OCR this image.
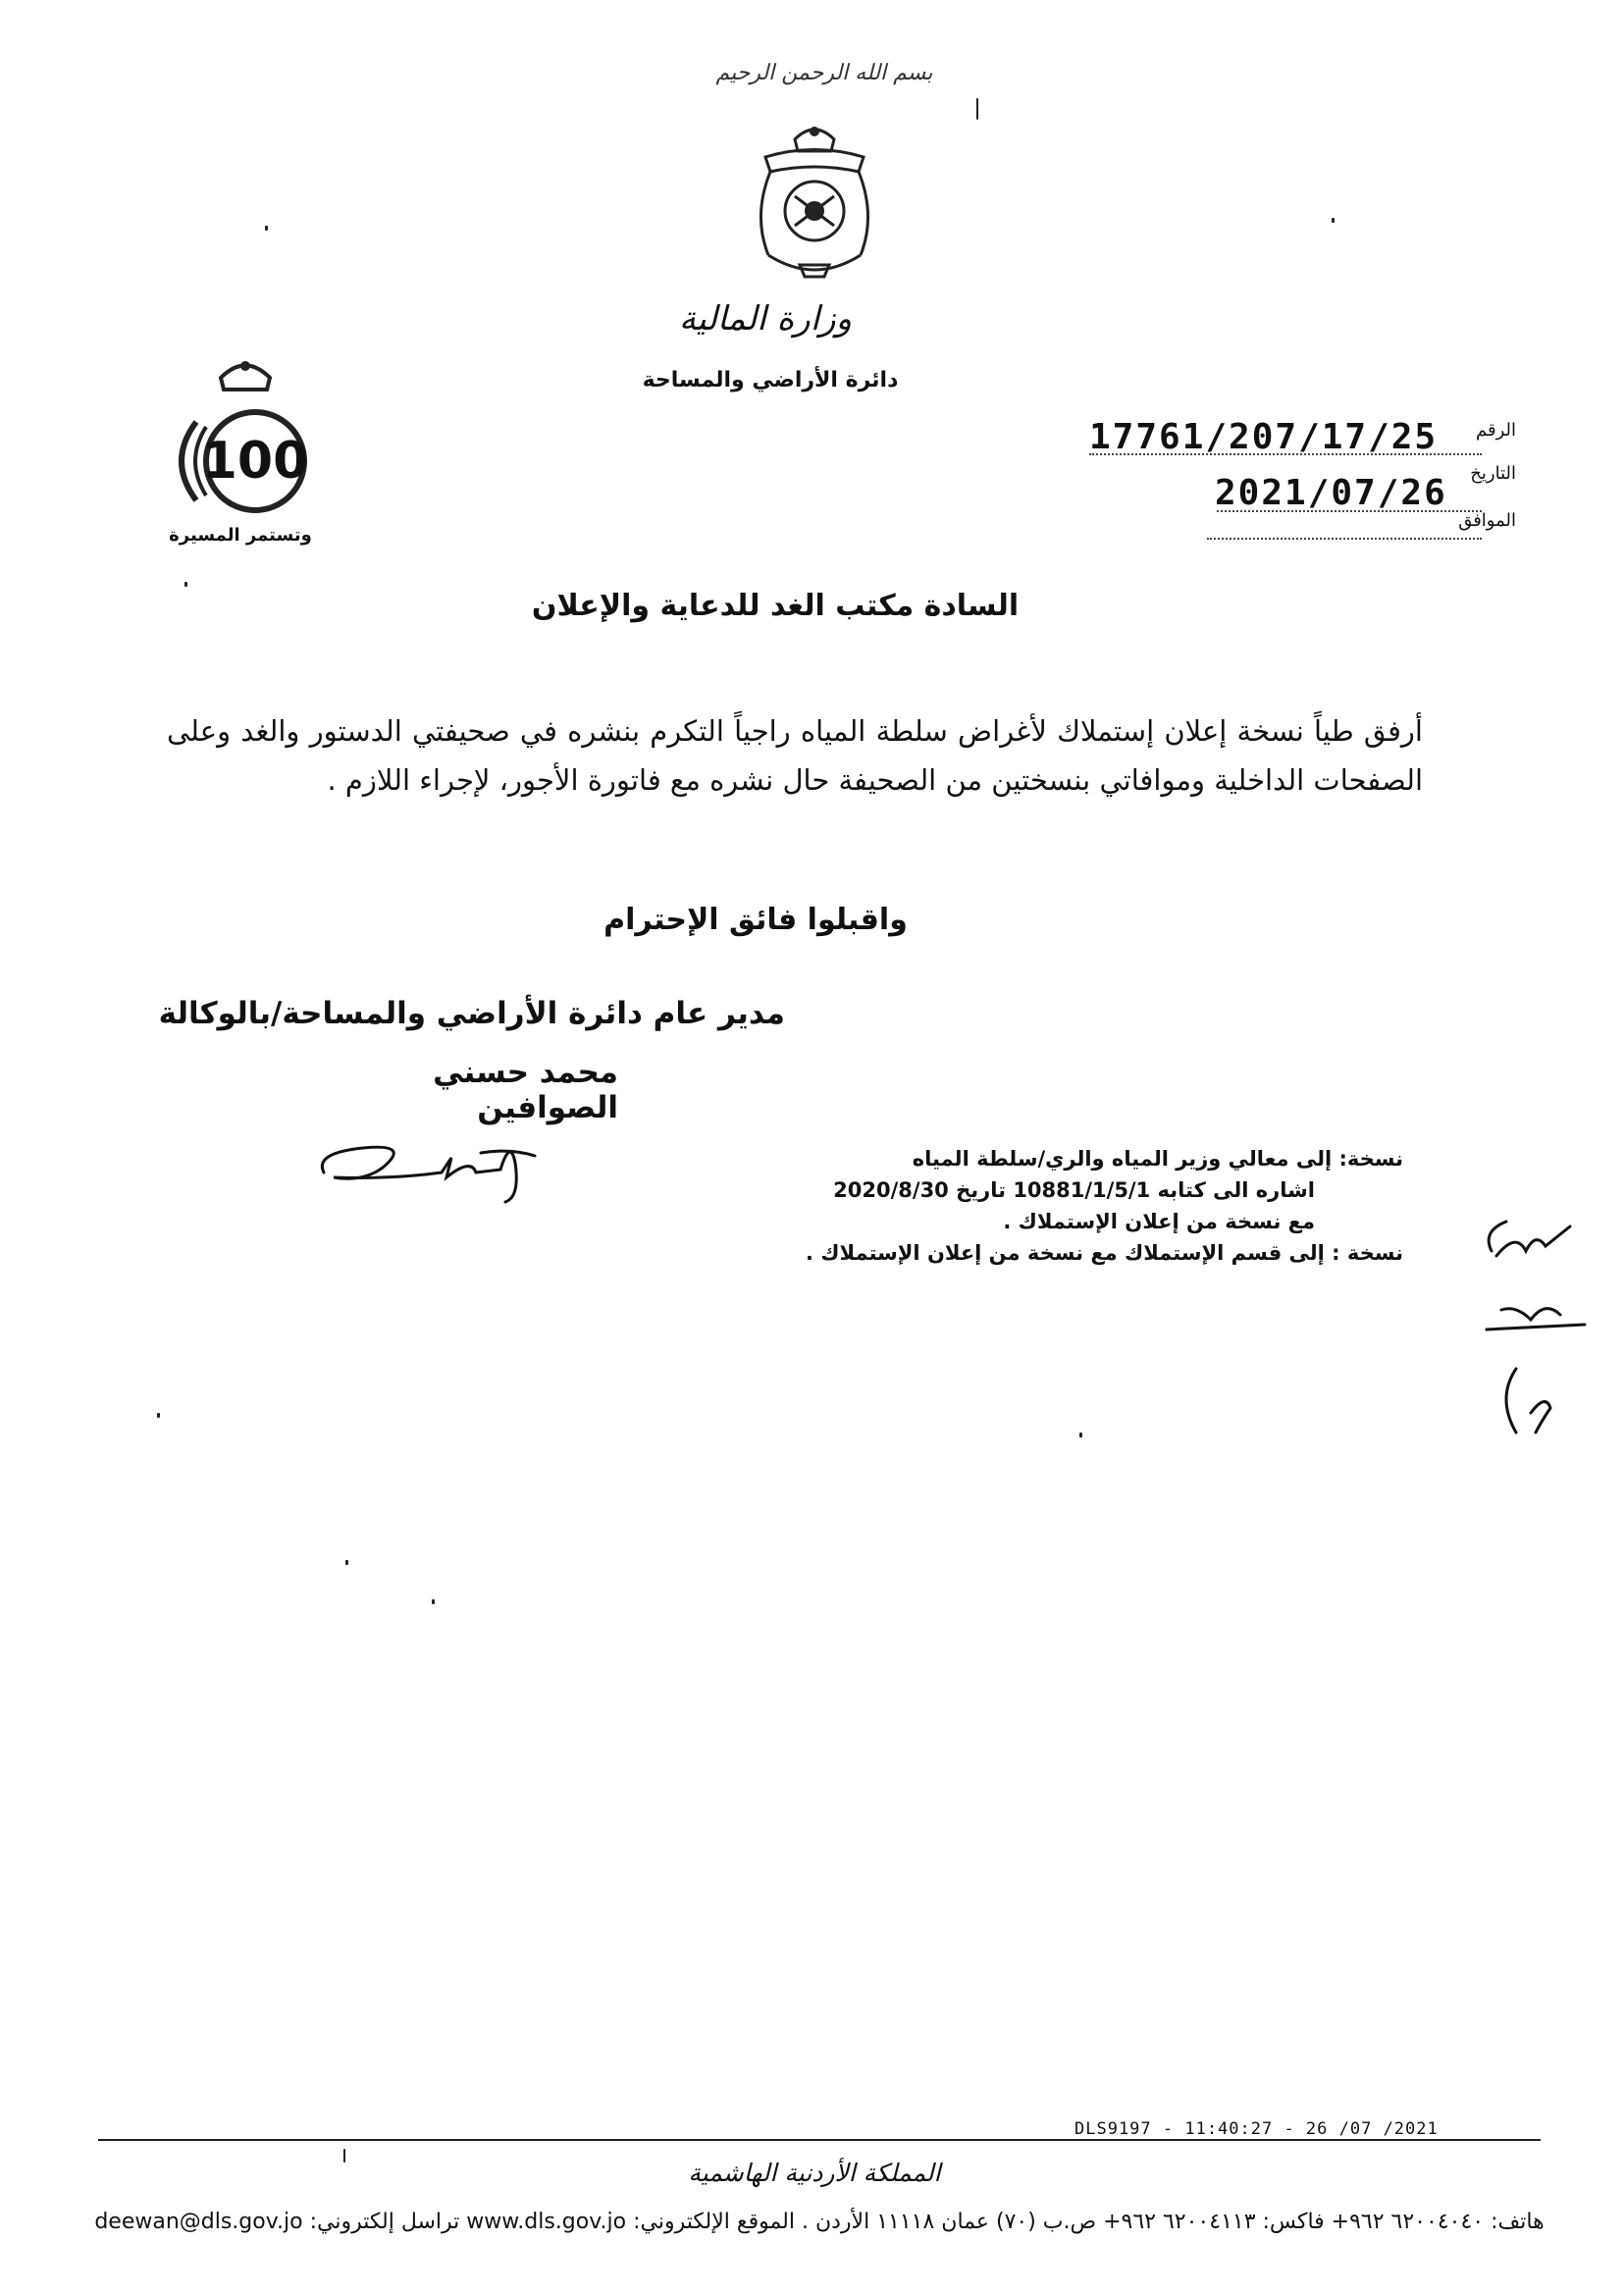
بسم الله الرحمن الرحيم
وزارة المالية
دائرة الأراضي والمساحة
100
وتستمر المسيرة
الرقم
17761/207/17/25
التاريخ
2021/07/26
الموافق
السادة مكتب الغد للدعاية والإعلان
أرفق طياً نسخة إعلان إستملاك لأغراض سلطة المياه راجياً التكرم بنشره في صحيفتي الدستور والغد وعلى الصفحات الداخلية وموافاتي بنسختين من الصحيفة حال نشره مع فاتورة الأجور، لإجراء اللازم .
واقبلوا فائق الإحترام
مدير عام دائرة الأراضي والمساحة/بالوكالة
محمد حسني الصوافين
نسخة: إلى معالي وزير المياه والري/سلطة المياه
اشاره الى كتابه 10881/1/5/1 تاريخ 2020/8/30
مع نسخة من إعلان الإستملاك .
نسخة : إلى قسم الإستملاك مع نسخة من إعلان الإستملاك .
DLS9197 - 11:40:27 - 26 /07 /2021
المملكة الأردنية الهاشمية
هاتف: ٦٢٠٠٤٠٤٠ ٩٦٢+ فاكس: ٦٢٠٠٤١١٣ ٩٦٢+ ص.ب (٧٠) عمان ١١١١٨ الأردن . الموقع الإلكتروني: www.dls.gov.jo تراسل إلكتروني: deewan@dls.gov.jo
